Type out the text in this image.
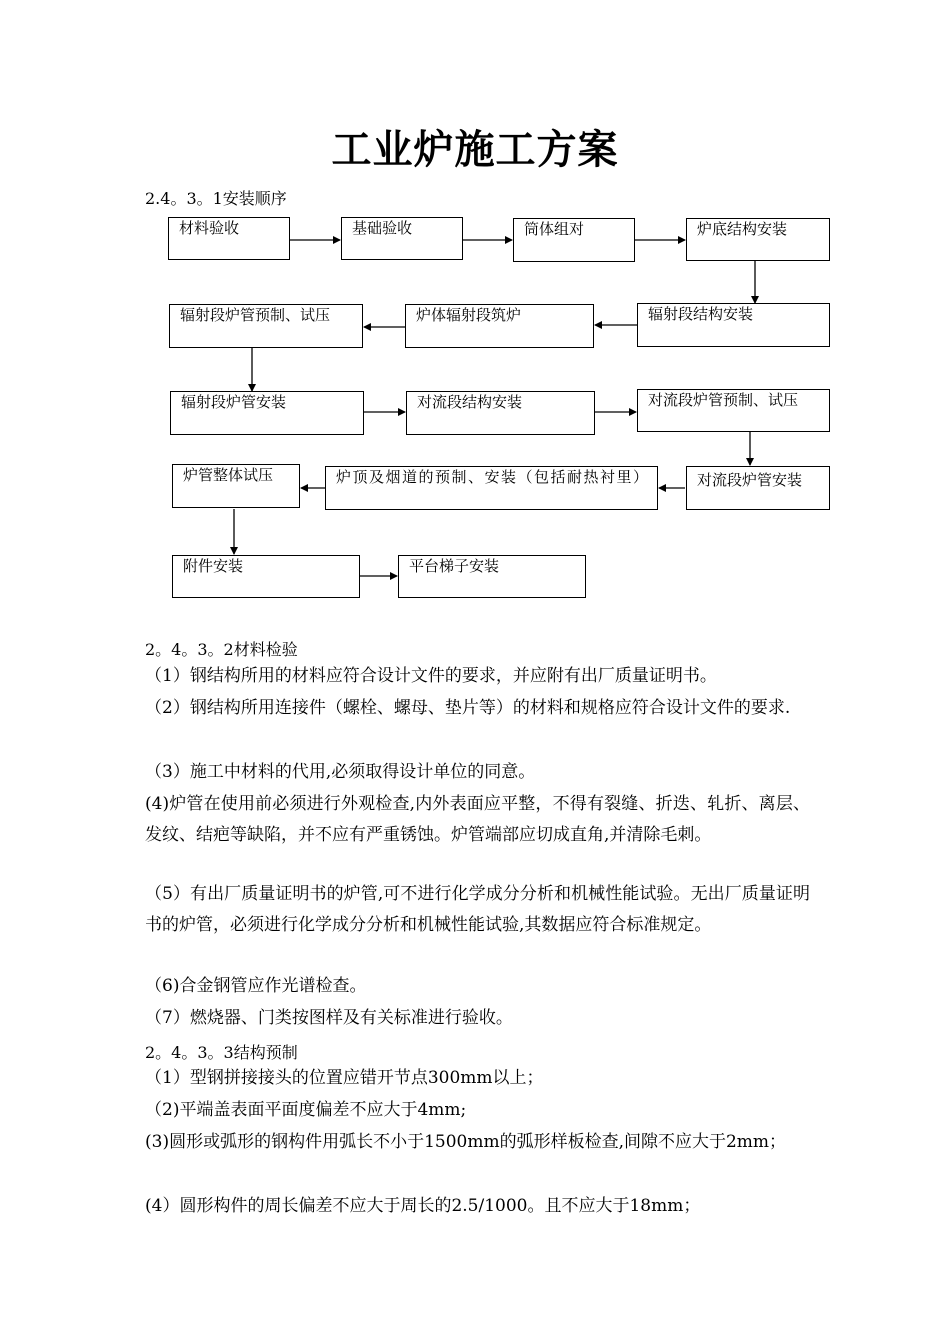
工业炉施工方案
2.4。3。1安装顺序
材料验收	基础验收	筒体组对	炉底结构安装
辐射段结构安装
炉体辐射段筑炉
辐射段炉管预制、试压
辐射段炉管安装	对流段结构安装	对流段炉管预制、试压
对流段炉管安装
炉顶及烟道的预制、安装（包括耐热衬里）
炉管整体试压
附件安装	平台梯子安装
2。4。3。2材料检验
（1）钢结构所用的材料应符合设计文件的要求，并应附有出厂质量证明书。
（2）钢结构所用连接件（螺栓、螺母、垫片等）的材料和规格应符合设计文件的要求.
（3）施工中材料的代用,必须取得设计单位的同意。
(4)炉管在使用前必须进行外观检查,内外表面应平整，不得有裂缝、折迭、轧折、离层、发纹、结疤等缺陷，并不应有严重锈蚀。炉管端部应切成直角,并清除毛刺。
（5）有出厂质量证明书的炉管,可不进行化学成分分析和机械性能试验。无出厂质量证明书的炉管，必须进行化学成分分析和机械性能试验,其数据应符合标准规定。
（6)合金钢管应作光谱检查。
（7）燃烧器、门类按图样及有关标准进行验收。
2。4。3。3结构预制
（1）型钢拼接接头的位置应错开节点300mm以上；
（2)平端盖表面平面度偏差不应大于4mm;
(3)圆形或弧形的钢构件用弧长不小于1500mm的弧形样板检查,间隙不应大于2mm；
(4）圆形构件的周长偏差不应大于周长的2.5/1000。且不应大于18mm；
